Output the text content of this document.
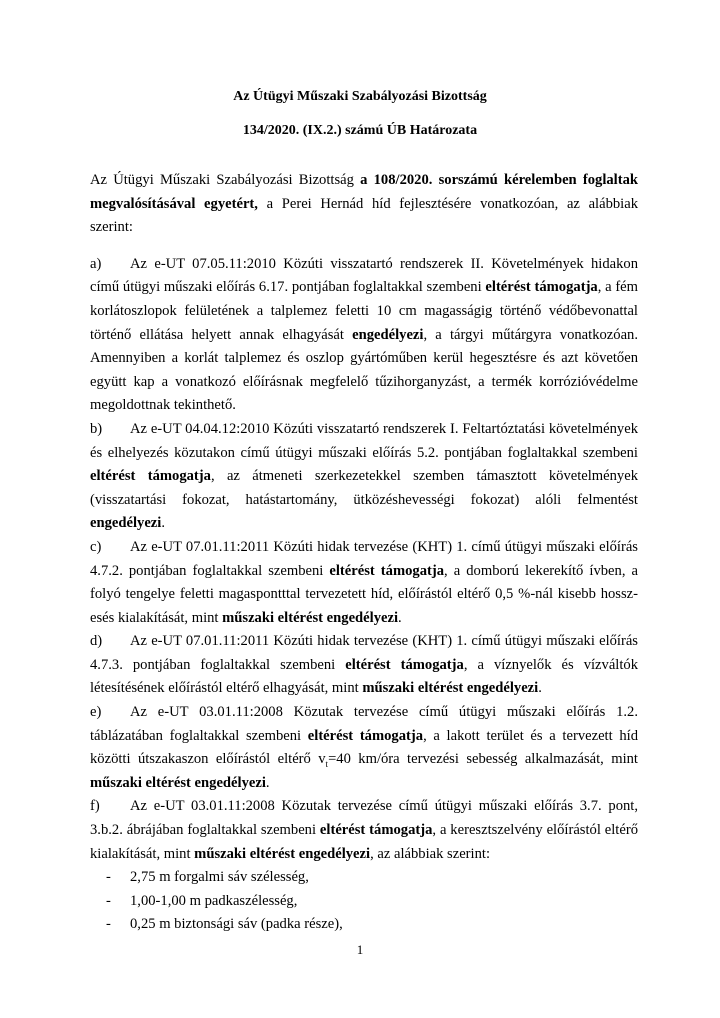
Az Útügyi Műszaki Szabályozási Bizottság
134/2020. (IX.2.) számú ÚB Határozata

Az Útügyi Műszaki Szabályozási Bizottság a 108/2020. sorszámú kérelemben foglaltak megvalósításával egyetért, a Perei Hernád híd fejlesztésére vonatkozóan, az alábbiak szerint:

a) Az e-UT 07.05.11:2010 Közúti visszatartó rendszerek II. Követelmények hidakon című útügyi műszaki előírás 6.17. pontjában foglaltakkal szembeni eltérést támogatja, a fém korlátoszlopok felületének a talplemez feletti 10 cm magasságig történő védőbevonattal történő ellátása helyett annak elhagyását engedélyezi, a tárgyi műtárgyra vonatkozóan. Amennyiben a korlát talplemez és oszlop gyártóműben kerül hegesztésre és azt követően együtt kap a vonatkozó előírásnak megfelelő tűzihorganyzást, a termék korrózióvédelme megoldottnak tekinthető.

b) Az e-UT 04.04.12:2010 Közúti visszatartó rendszerek I. Feltartóztatási követelmények és elhelyezés közutakon című útügyi műszaki előírás 5.2. pontjában foglaltakkal szembeni eltérést támogatja, az átmeneti szerkezetekkel szemben támasztott követelmények (visszatartási fokozat, hatástartomány, ütközéshevességi fokozat) alóli felmentést engedélyezi.

c) Az e-UT 07.01.11:2011 Közúti hidak tervezése (KHT) 1. című útügyi műszaki előírás 4.7.2. pontjában foglaltakkal szembeni eltérést támogatja, a domború lekerekítő ívben, a folyó tengelye feletti magaspontttal tervezetett híd, előírástól eltérő 0,5 %-nál kisebb hossz-esés kialakítását, mint műszaki eltérést engedélyezi.

d) Az e-UT 07.01.11:2011 Közúti hidak tervezése (KHT) 1. című útügyi műszaki előírás 4.7.3. pontjában foglaltakkal szembeni eltérést támogatja, a víznyelők és vízváltók létesítésének előírástól eltérő elhagyását, mint műszaki eltérést engedélyezi.

e) Az e-UT 03.01.11:2008 Közutak tervezése című útügyi műszaki előírás 1.2. táblázatában foglaltakkal szembeni eltérést támogatja, a lakott terület és a tervezett híd közötti útszakaszon előírástól eltérő $v_t=40$ km/óra tervezési sebesség alkalmazását, mint műszaki eltérést engedélyezi.

f) Az e-UT 03.01.11:2008 Közutak tervezése című útügyi műszaki előírás 3.7. pont, 3.b.2. ábrájában foglaltakkal szembeni eltérést támogatja, a keresztszelvény előírástól eltérő kialakítását, mint műszaki eltérést engedélyezi, az alábbiak szerint:

- 2,75 m forgalmi sáv szélesség,
- 1,00-1,00 m padkaszélesség,
- 0,25 m biztonsági sáv (padka része),
1
